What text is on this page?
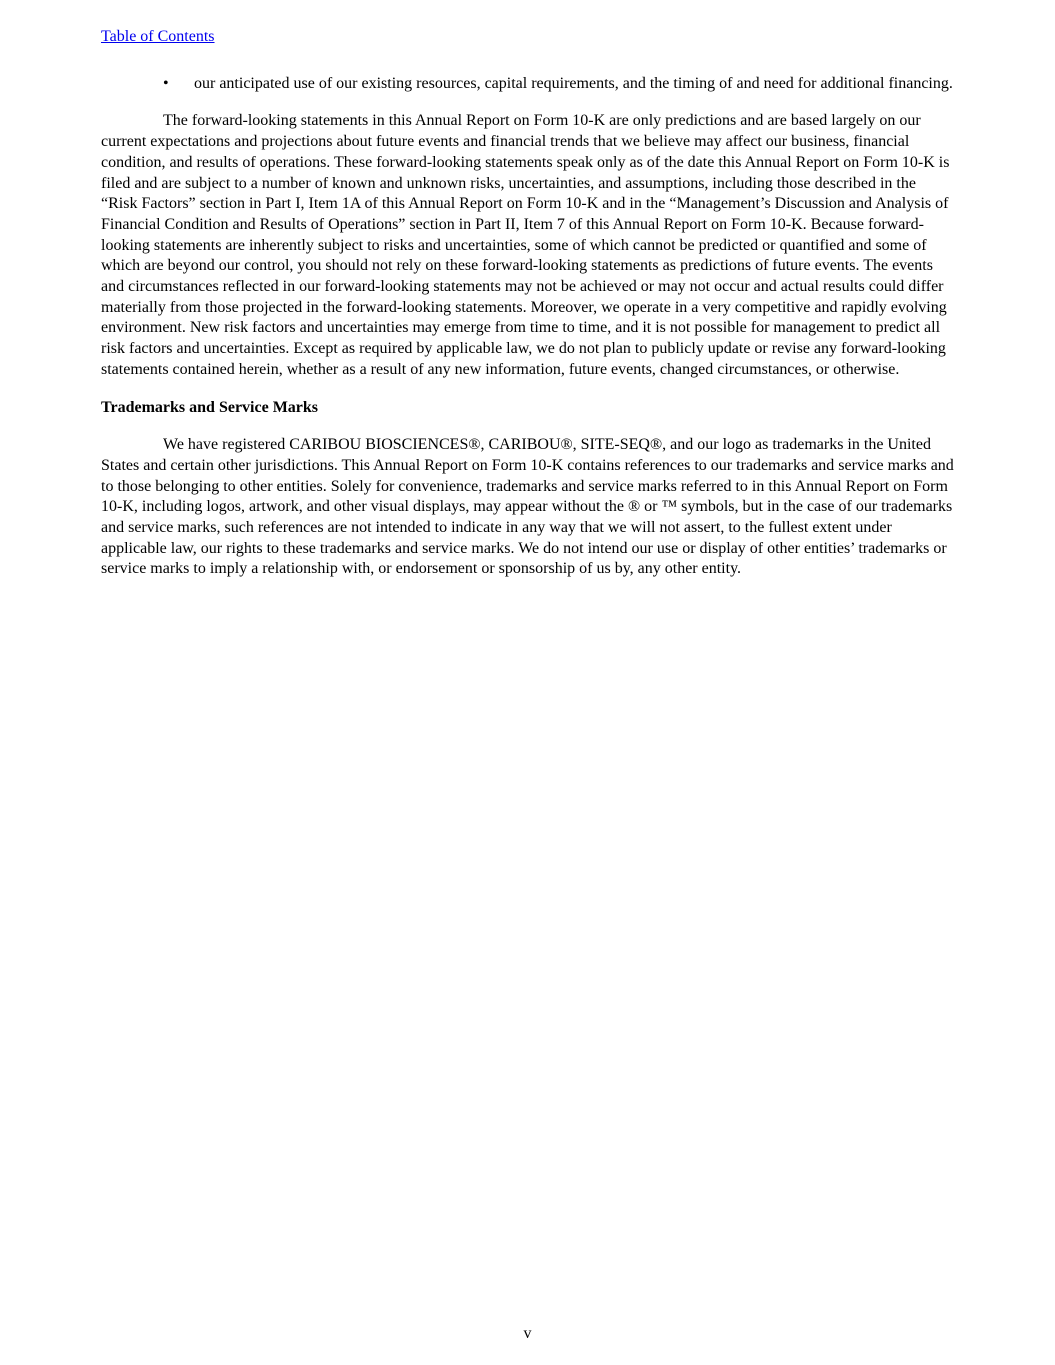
Table of Contents
• our anticipated use of our existing resources, capital requirements, and the timing of and need for additional financing.

The forward-looking statements in this Annual Report on Form 10-K are only predictions and are based largely on our current expectations and projections about future events and financial trends that we believe may affect our business, financial condition, and results of operations. These forward-looking statements speak only as of the date this Annual Report on Form 10-K is filed and are subject to a number of known and unknown risks, uncertainties, and assumptions, including those described in the “Risk Factors” section in Part I, Item 1A of this Annual Report on Form 10-K and in the “Management’s Discussion and Analysis of Financial Condition and Results of Operations” section in Part II, Item 7 of this Annual Report on Form 10-K. Because forward-looking statements are inherently subject to risks and uncertainties, some of which cannot be predicted or quantified and some of which are beyond our control, you should not rely on these forward-looking statements as predictions of future events. The events and circumstances reflected in our forward-looking statements may not be achieved or may not occur and actual results could differ materially from those projected in the forward-looking statements. Moreover, we operate in a very competitive and rapidly evolving environment. New risk factors and uncertainties may emerge from time to time, and it is not possible for management to predict all risk factors and uncertainties. Except as required by applicable law, we do not plan to publicly update or revise any forward-looking statements contained herein, whether as a result of any new information, future events, changed circumstances, or otherwise.

Trademarks and Service Marks

We have registered CARIBOU BIOSCIENCES®, CARIBOU®, SITE-SEQ®, and our logo as trademarks in the United States and certain other jurisdictions. This Annual Report on Form 10-K contains references to our trademarks and service marks and to those belonging to other entities. Solely for convenience, trademarks and service marks referred to in this Annual Report on Form 10-K, including logos, artwork, and other visual displays, may appear without the ® or ™ symbols, but in the case of our trademarks and service marks, such references are not intended to indicate in any way that we will not assert, to the fullest extent under applicable law, our rights to these trademarks and service marks. We do not intend our use or display of other entities’ trademarks or service marks to imply a relationship with, or endorsement or sponsorship of us by, any other entity.

v
